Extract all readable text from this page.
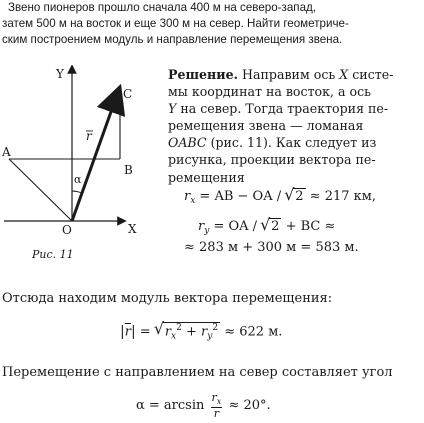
Звено пионеров прошло сначала 400 м на северо-запад,

затем 500 м на восток и еще 300 м на север. Найти геометриче-

ским построением модуль и направление перемещения звена.

Y
X
O
A
B
C
r
α
Рис. 11
Решение. Направим ось X систе-
мы координат на восток, а ось
Y на север. Тогда траектория пе-
ремещения звена — ломаная
OABC (рис. 11). Как следует из
рисунка, проекции вектора пе-
ремещения
$r_x$ = AB − OA / √ 2 ≈ 217 км,
$r_y$ = OA / √ 2 + BC ≈
≈ 283 м + 300 м = 583 м.
Отсюда находим модуль вектора перемещения:
$|\overline{r}|$ = √ $r_x^2 + r_y^2 \approx 622$ м.
Перемещение с направлением на север составляет угол
$\alpha = \arcsin \frac{r_x}{r} \approx 20^\circ$.
